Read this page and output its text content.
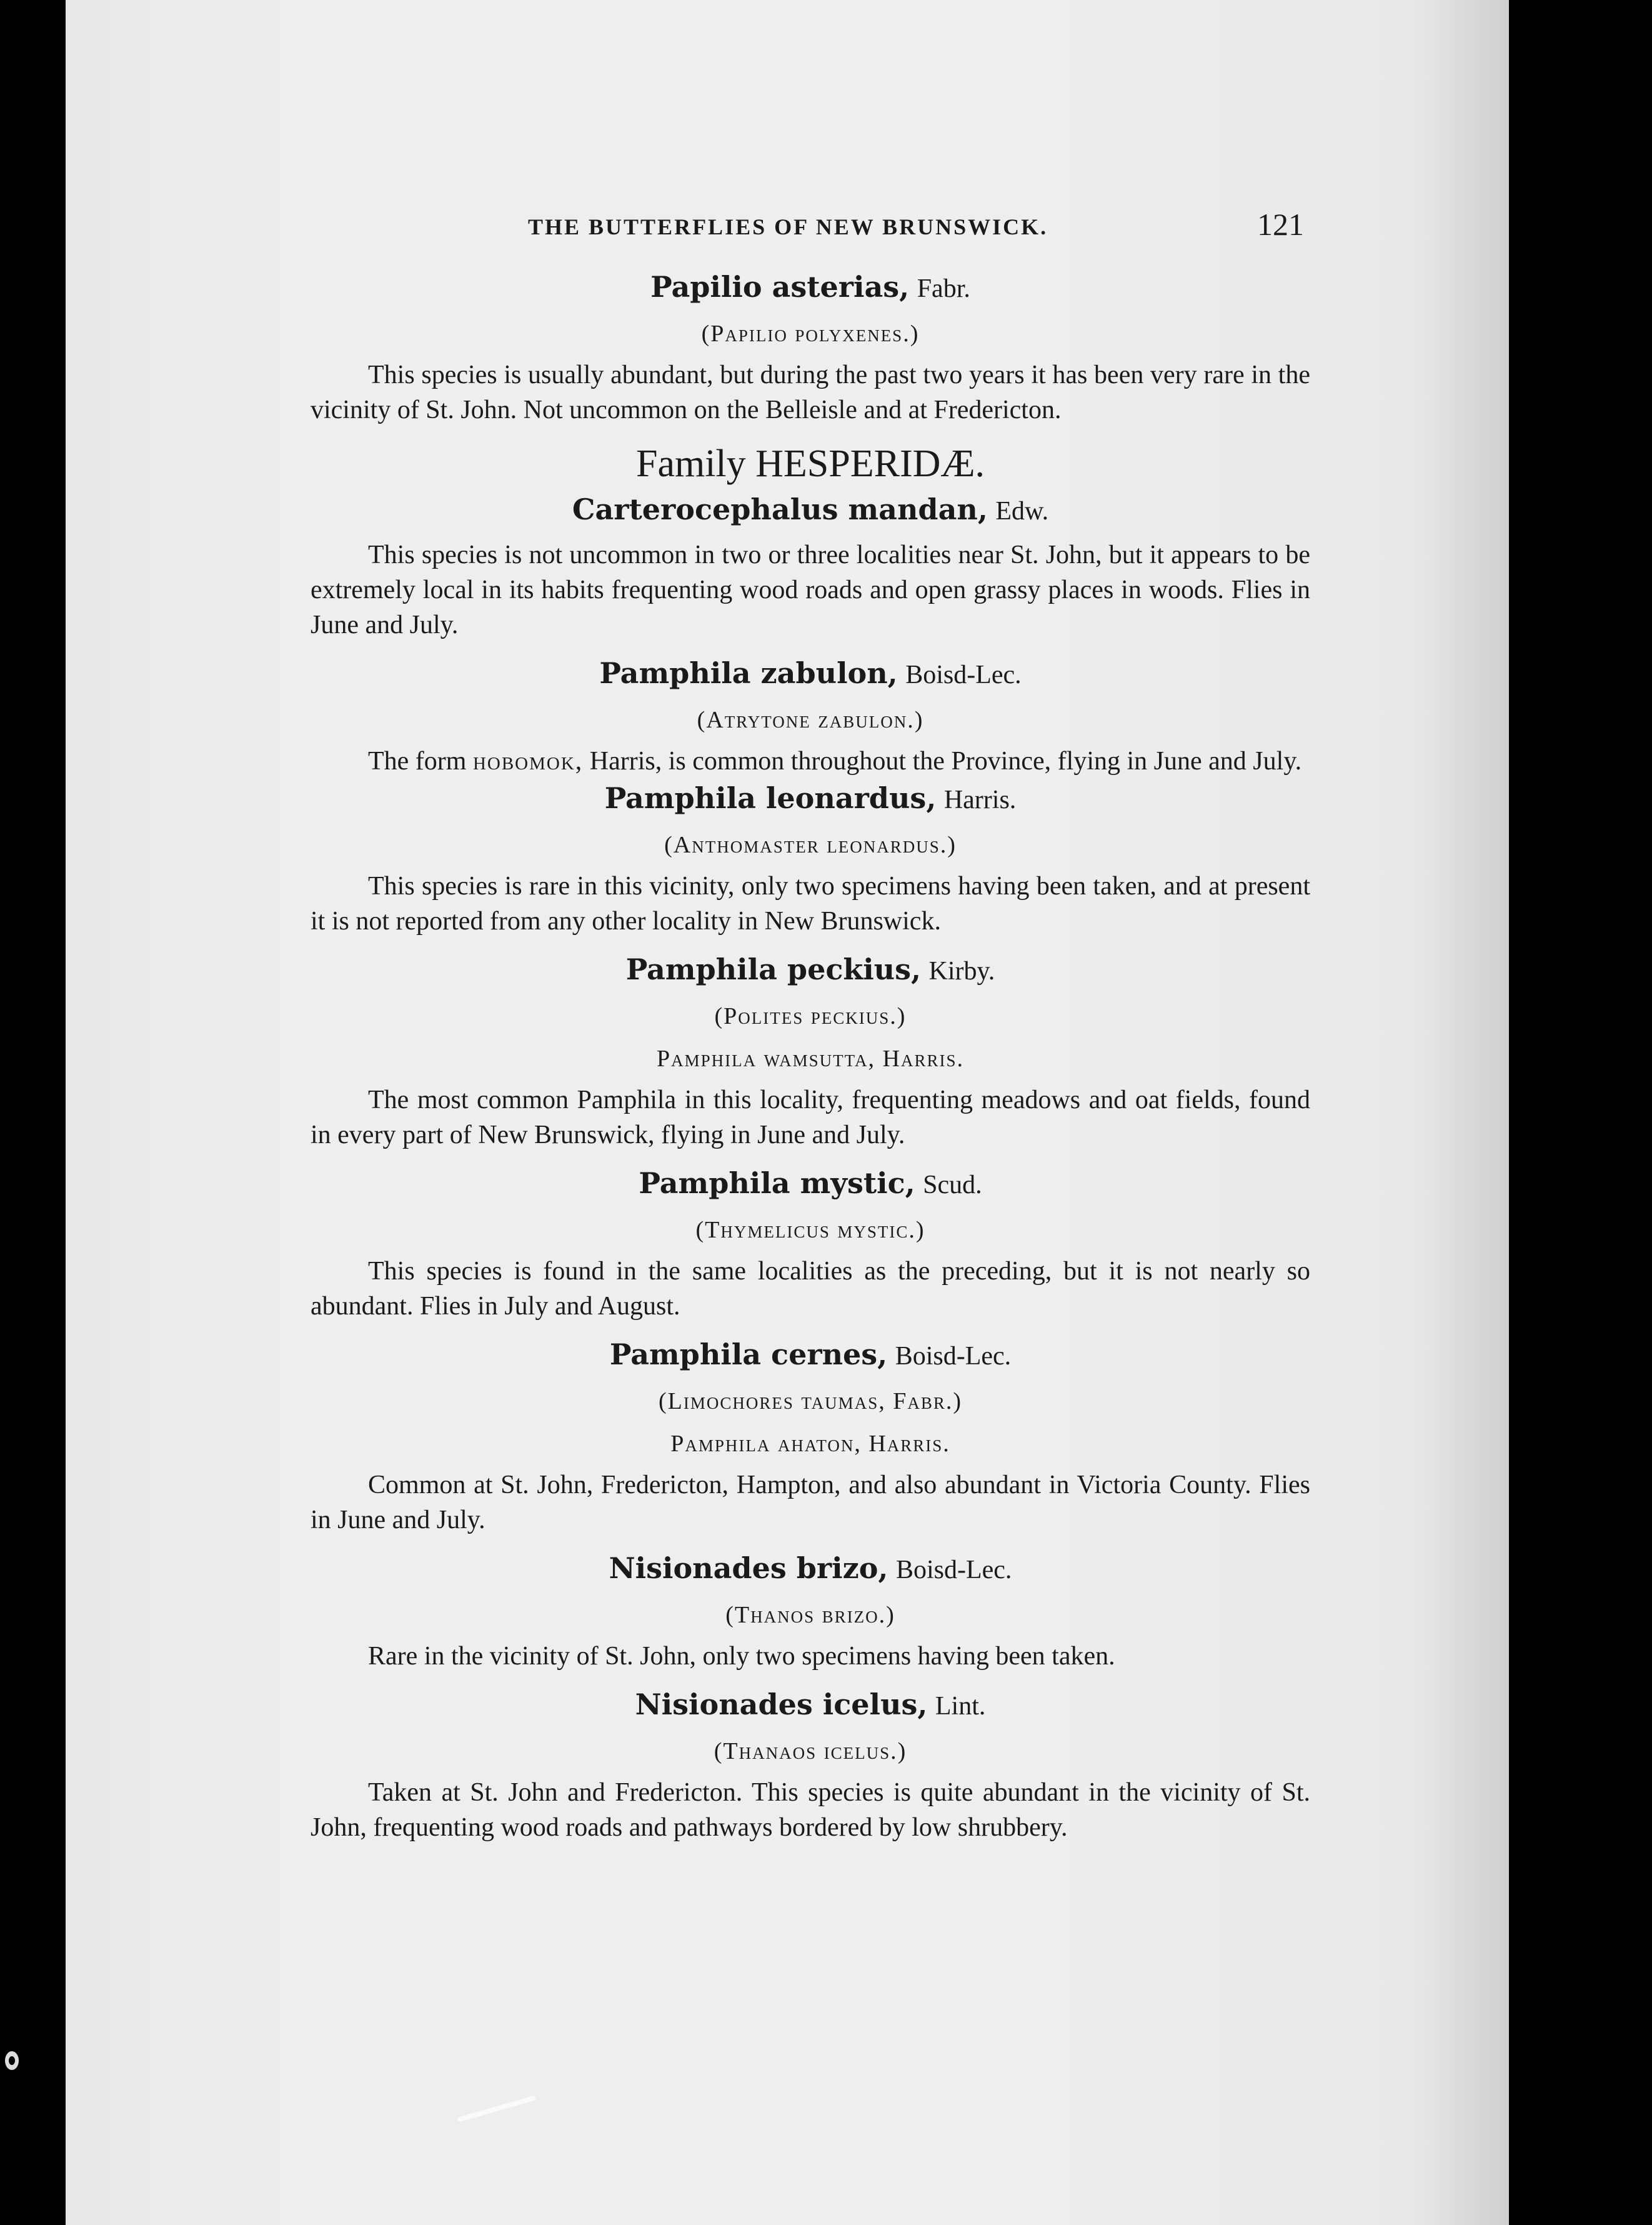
THE BUTTERFLIES OF NEW BRUNSWICK.	121
Papilio asterias, Fabr.
(Papilio polyxenes.)

This species is usually abundant, but during the past two years it has been very rare in the vicinity of St. John. Not uncommon on the Belleisle and at Fredericton.

Family HESPERIDÆ.
Carterocephalus mandan, Edw.

This species is not uncommon in two or three localities near St. John, but it appears to be extremely local in its habits frequenting wood roads and open grassy places in woods. Flies in June and July.

Pamphila zabulon, Boisd-Lec.
(Atrytone zabulon.)

The form hobomok, Harris, is common throughout the Province, flying in June and July.

Pamphila leonardus, Harris.
(Anthomaster leonardus.)

This species is rare in this vicinity, only two specimens having been taken, and at present it is not reported from any other locality in New Brunswick.

Pamphila peckius, Kirby.
(Polites peckius.)
Pamphila wamsutta, Harris.

The most common Pamphila in this locality, frequenting meadows and oat fields, found in every part of New Brunswick, flying in June and July.

Pamphila mystic, Scud.
(Thymelicus mystic.)

This species is found in the same localities as the preceding, but it is not nearly so abundant. Flies in July and August.

Pamphila cernes, Boisd-Lec.
(Limochores taumas, Fabr.)
Pamphila ahaton, Harris.

Common at St. John, Fredericton, Hampton, and also abundant in Victoria County. Flies in June and July.

Nisionades brizo, Boisd-Lec.
(Thanos brizo.)

Rare in the vicinity of St. John, only two specimens having been taken.

Nisionades icelus, Lint.
(Thanaos icelus.)

Taken at St. John and Fredericton. This species is quite abundant in the vicinity of St. John, frequenting wood roads and pathways bordered by low shrubbery.
